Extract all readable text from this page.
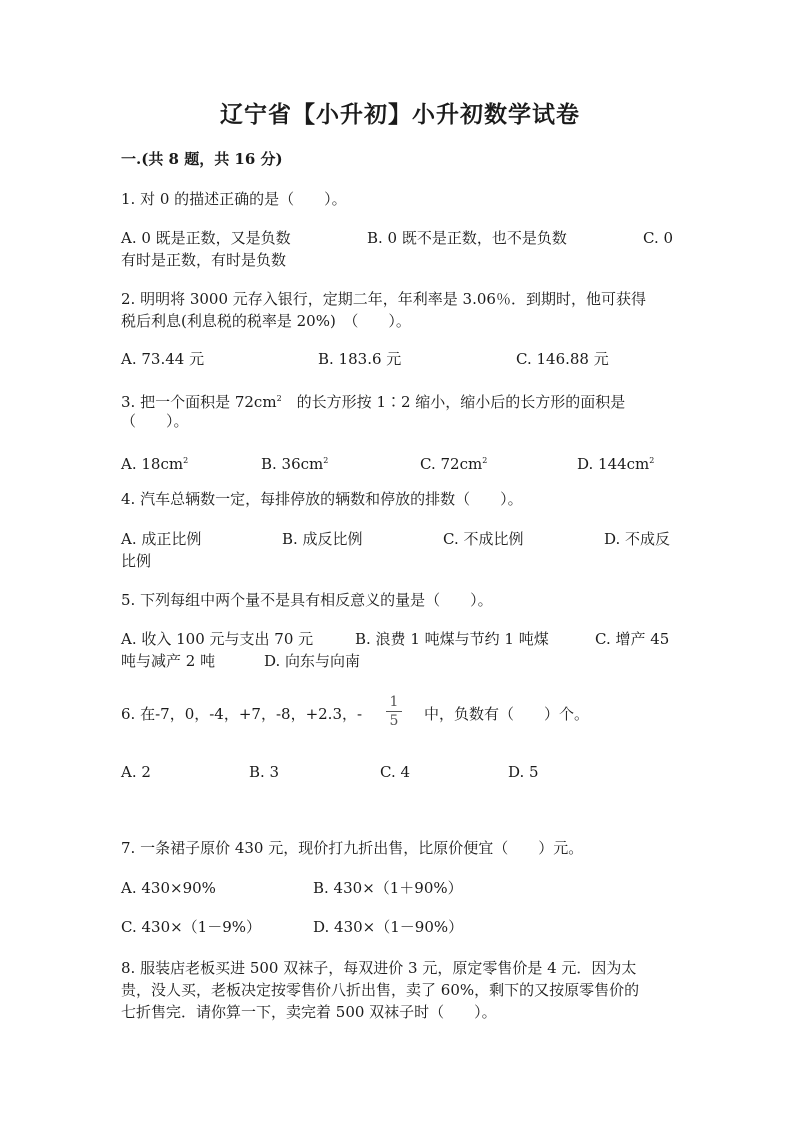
辽宁省【小升初】小升初数学试卷
一.(共 8 题，共 16 分)
1. 对 0 的描述正确的是（　　）。
A. 0 既是正数，又是负数	B. 0 既不是正数，也不是负数	C. 0
有时是正数，有时是负数
2. 明明将 3000 元存入银行，定期二年，年利率是 3.06％．到期时，他可获得
税后利息(利息税的税率是 20%)　（　　）。
A. 73.44 元	B. 183.6 元	C. 146.88 元
3. 把一个面积是 $72cm^2$　 的长方形按 1∶2 缩小，缩小后的长方形的面积是
（　　）。
A. $18cm^2$	B. $36cm^2$	C. $72cm^2$	D. $144cm^2$
4. 汽车总辆数一定，每排停放的辆数和停放的排数（　　）。
A. 成正比例	B. 成反比例	C. 不成比例	D. 不成反
比例
5. 下列每组中两个量不是具有相反意义的量是（　　）。
A. 收入 100 元与支出 70 元	B. 浪费 1 吨煤与节约 1 吨煤	C. 增产 45
吨与减产 2 吨	D. 向东与向南
6. 在-7，0，-4，+7，-8，+2.3，-
1
5	中，负数有（　　）个。
A. 2	B. 3	C. 4	D. 5
7. 一条裙子原价 430 元，现价打九折出售，比原价便宜（　　）元。
A. 430×90%	B. 430×（1＋90%）
C. 430×（1－9%）	D. 430×（1－90%）
8. 服装店老板买进 500 双袜子，每双进价 3 元，原定零售价是 4 元．因为太
贵，没人买，老板决定按零售价八折出售，卖了 60%，剩下的又按原零售价的
七折售完．请你算一下，卖完着 500 双袜子时（　　）。
